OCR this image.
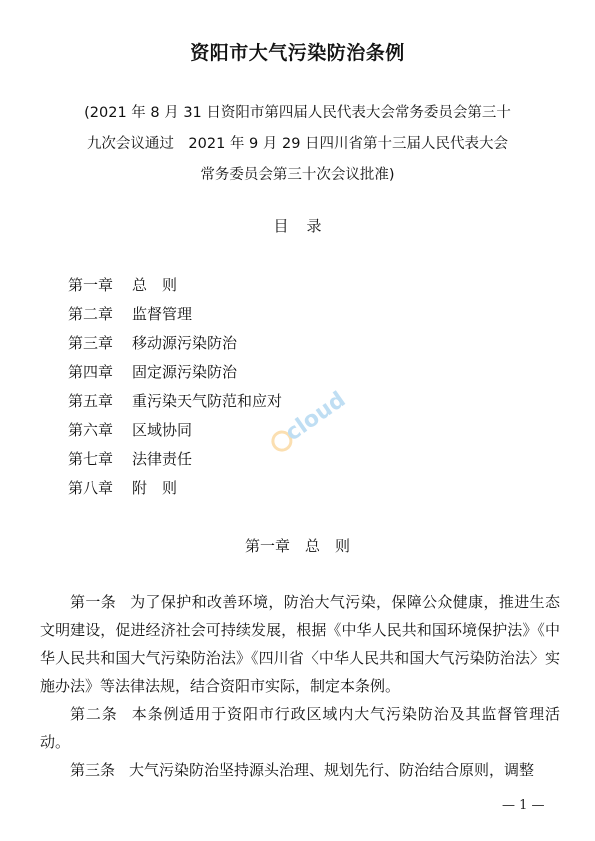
资阳市大气污染防治条例
(2021 年 8 月 31 日资阳市第四届人民代表大会常务委员会第三十
九次会议通过　2021 年 9 月 29 日四川省第十三届人民代表大会
常务委员会第三十次会议批准)
目录
第一章 总　则
第二章 监督管理
第三章 移动源污染防治
第四章 固定源污染防治
第五章 重污染天气防范和应对
第六章 区域协同
第七章 法律责任
第八章 附　则
cloud
第一章　总　则

第一条 为了保护和改善环境，防治大气污染，保障公众健康，推进生态文明建设，促进经济社会可持续发展，根据《中华人民共和国环境保护法》《中华人民共和国大气污染防治法》《四川省〈中华人民共和国大气污染防治法〉实施办法》等法律法规，结合资阳市实际，制定本条例。

第二条 本条例适用于资阳市行政区域内大气污染防治及其监督管理活动。

第三条 大气污染防治坚持源头治理、规划先行、防治结合原则，调整

— 1 —
